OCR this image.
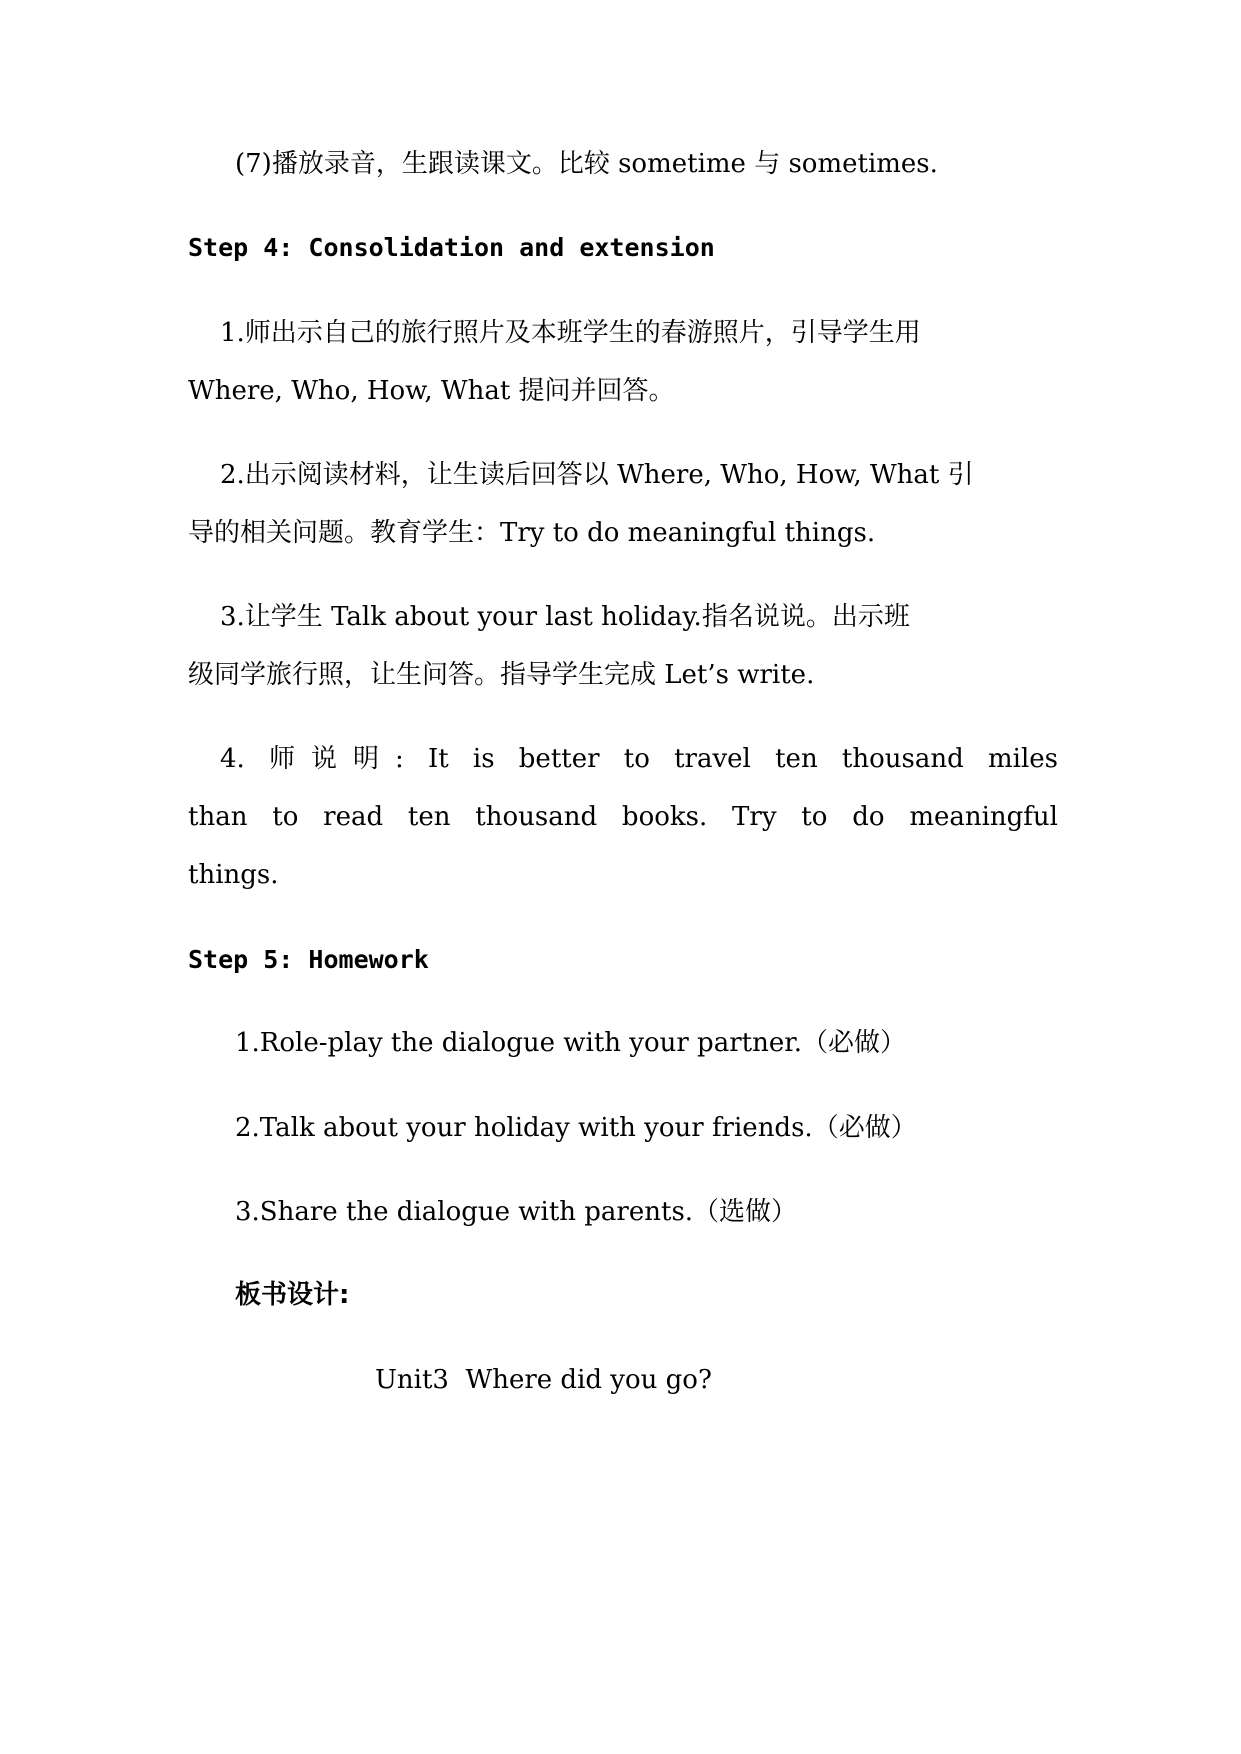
(7)播放录音，生跟读课文。比较 sometime 与 sometimes.
Step 4: Consolidation and extension
1.师出示自己的旅行照片及本班学生的春游照片，引导学生用
Where, Who, How, What 提问并回答。
2.出示阅读材料，让生读后回答以 Where, Who, How, What 引
导的相关问题。教育学生：Try to do meaningful things.
3.让学生 Talk about your last holiday.指名说说。出示班
级同学旅行照，让生问答。指导学生完成 Let’s write.
4. 师说明: It is better to travel ten thousand miles
than to read ten thousand books. Try to do meaningful
things.
Step 5: Homework
1.Role-play the dialogue with your partner.（必做）
2.Talk about your holiday with your friends.（必做）
3.Share the dialogue with parents.（选做）
板书设计:
Unit3  Where did you go?
